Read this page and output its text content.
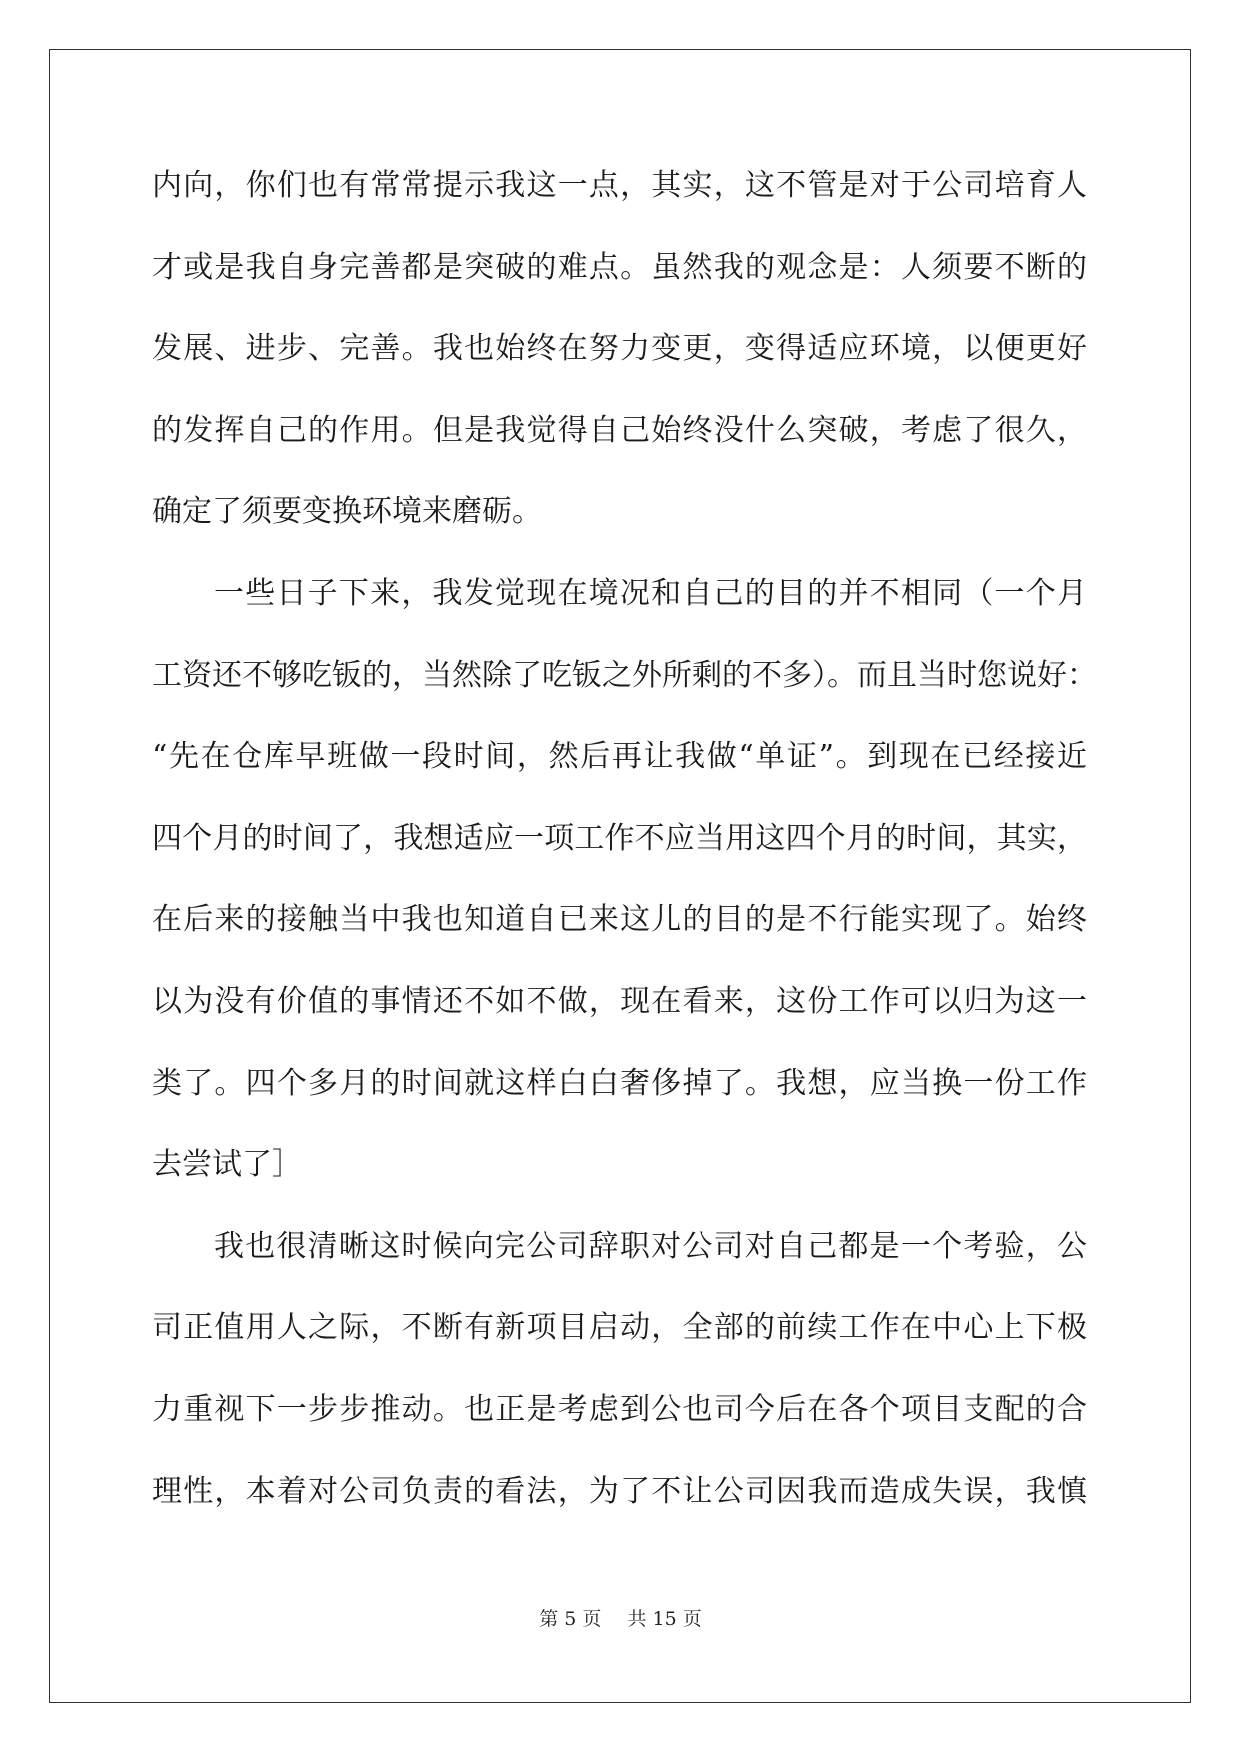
内向，你们也有常常提示我这一点，其实，这不管是对于公司培育人
才或是我自身完善都是突破的难点。虽然我的观念是：人须要不断的
发展、进步、完善。我也始终在努力变更，变得适应环境，以便更好
的发挥自己的作用。但是我觉得自己始终没什么突破，考虑了很久，
确定了须要变换环境来磨砺。
一些日子下来，我发觉现在境况和自己的目的并不相同（一个月
工资还不够吃钣的，当然除了吃钣之外所剩的不多）。而且当时您说好：
“先在仓库早班做一段时间，然后再让我做“单证”。到现在已经接近
四个月的时间了，我想适应一项工作不应当用这四个月的时间，其实，
在后来的接触当中我也知道自已来这儿的目的是不行能实现了。始终
以为没有价值的事情还不如不做，现在看来，这份工作可以归为这一
类了。四个多月的时间就这样白白奢侈掉了。我想，应当换一份工作
去尝试了］
我也很清晰这时候向完公司辞职对公司对自己都是一个考验，公
司正值用人之际，不断有新项目启动，全部的前续工作在中心上下极
力重视下一步步推动。也正是考虑到公也司今后在各个项目支配的合
理性，本着对公司负责的看法，为了不让公司因我而造成失误，我慎
第 5 页 共 15 页
